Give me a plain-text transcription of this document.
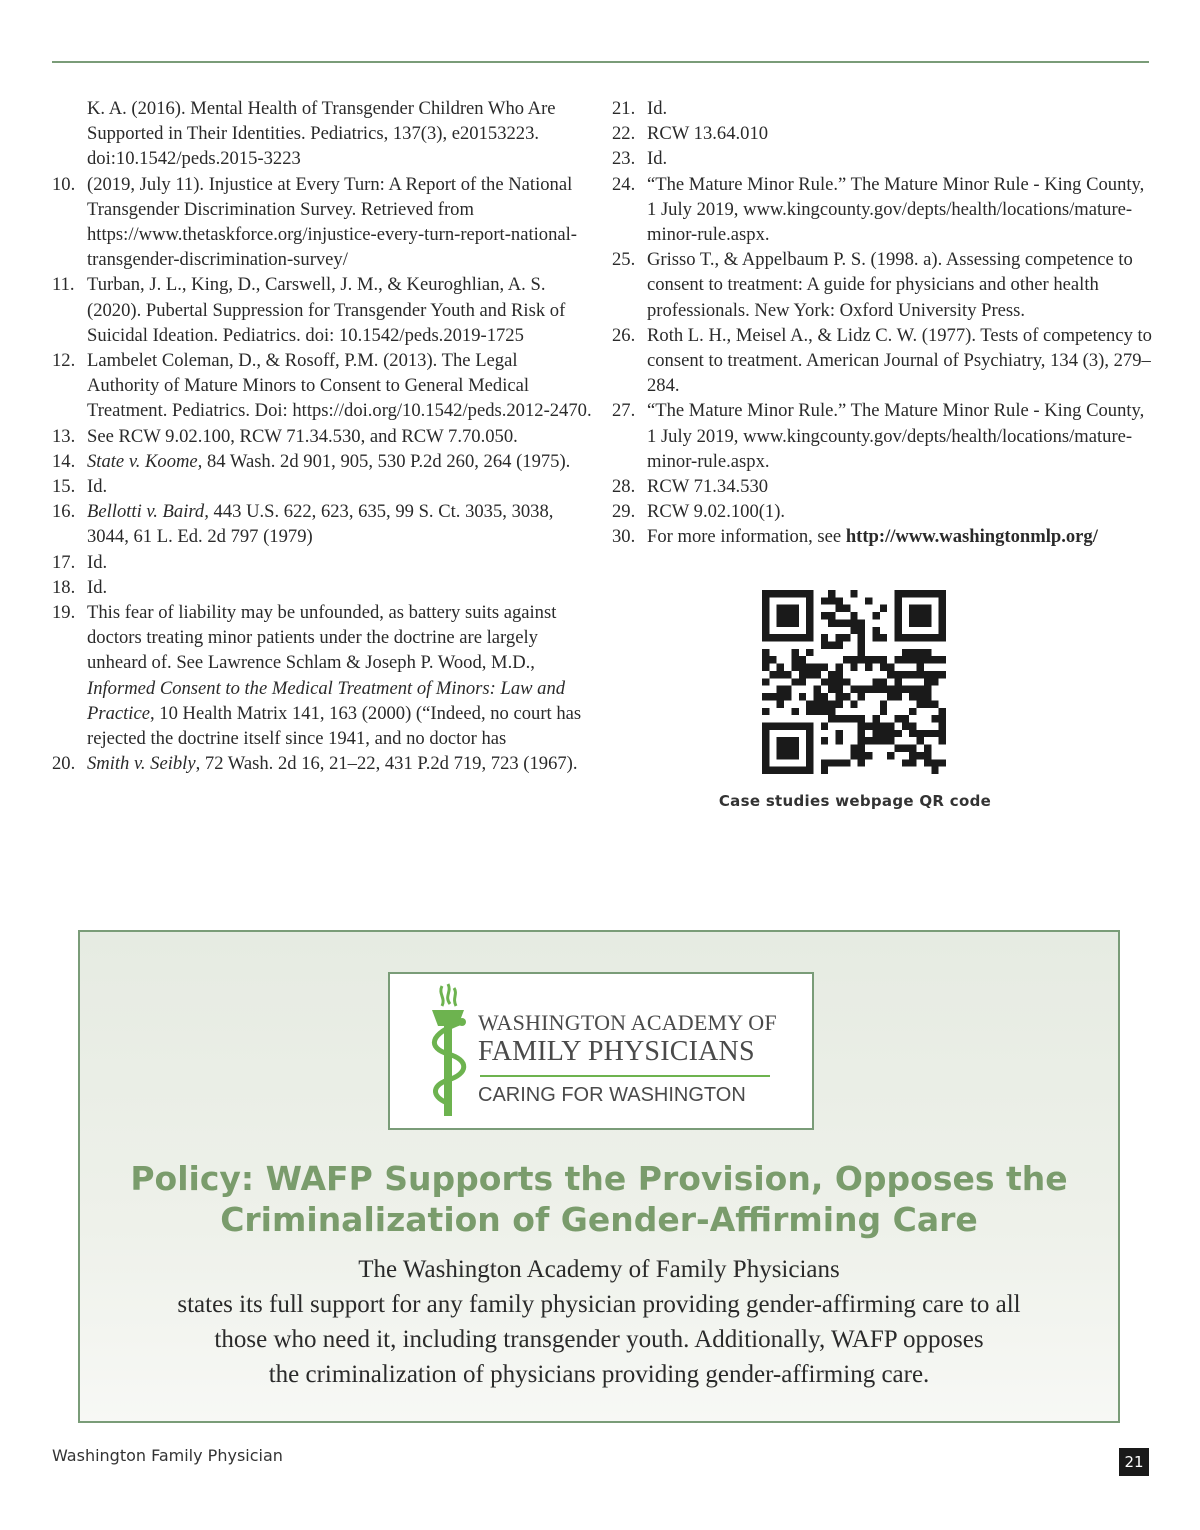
K. A. (2016). Mental Health of Transgender Children Who Are Supported in Their Identities. Pediatrics, 137(3), e20153223. doi:10.1542/peds.2015-3223
10. (2019, July 11). Injustice at Every Turn: A Report of the National Transgender Discrimination Survey. Retrieved from https://www.thetaskforce.org/injustice-every-turn-report-national-transgender-discrimination-survey/
11. Turban, J. L., King, D., Carswell, J. M., & Keuroghlian, A. S. (2020). Pubertal Suppression for Transgender Youth and Risk of Suicidal Ideation. Pediatrics. doi: 10.1542/peds.2019-1725
12. Lambelet Coleman, D., & Rosoff, P.M. (2013). The Legal Authority of Mature Minors to Consent to General Medical Treatment. Pediatrics. Doi: https://doi.org/10.1542/peds.2012-2470.
13. See RCW 9.02.100, RCW 71.34.530, and RCW 7.70.050.
14. State v. Koome, 84 Wash. 2d 901, 905, 530 P.2d 260, 264 (1975).
15. Id.
16. Bellotti v. Baird, 443 U.S. 622, 623, 635, 99 S. Ct. 3035, 3038, 3044, 61 L. Ed. 2d 797 (1979)
17. Id.
18. Id.
19. This fear of liability may be unfounded, as battery suits against doctors treating minor patients under the doctrine are largely unheard of. See Lawrence Schlam & Joseph P. Wood, M.D., Informed Consent to the Medical Treatment of Minors: Law and Practice, 10 Health Matrix 141, 163 (2000) (“Indeed, no court has rejected the doctrine itself since 1941, and no doctor has
20. Smith v. Seibly, 72 Wash. 2d 16, 21–22, 431 P.2d 719, 723 (1967).
21. Id.
22. RCW 13.64.010
23. Id.
24. “The Mature Minor Rule.” The Mature Minor Rule - King County, 1 July 2019, www.kingcounty.gov/depts/health/locations/mature-minor-rule.aspx.
25. Grisso T., & Appelbaum P. S. (1998. a). Assessing competence to consent to treatment: A guide for physicians and other health professionals. New York: Oxford University Press.
26. Roth L. H., Meisel A., & Lidz C. W. (1977). Tests of competency to consent to treatment. American Journal of Psychiatry, 134 (3), 279–284.
27. “The Mature Minor Rule.” The Mature Minor Rule - King County, 1 July 2019, www.kingcounty.gov/depts/health/locations/mature-minor-rule.aspx.
28. RCW 71.34.530
29. RCW 9.02.100(1).
30. For more information, see http://www.washingtonmlp.org/
Case studies webpage QR code
WASHINGTON ACADEMY OF
FAMILY PHYSICIANS
CARING FOR WASHINGTON
Policy: WAFP Supports the Provision, Opposes the
Criminalization of Gender-Affirming Care
The Washington Academy of Family Physicians
states its full support for any family physician providing gender-affirming care to all
those who need it, including transgender youth. Additionally, WAFP opposes
the criminalization of physicians providing gender-affirming care.
Washington Family Physician	21
